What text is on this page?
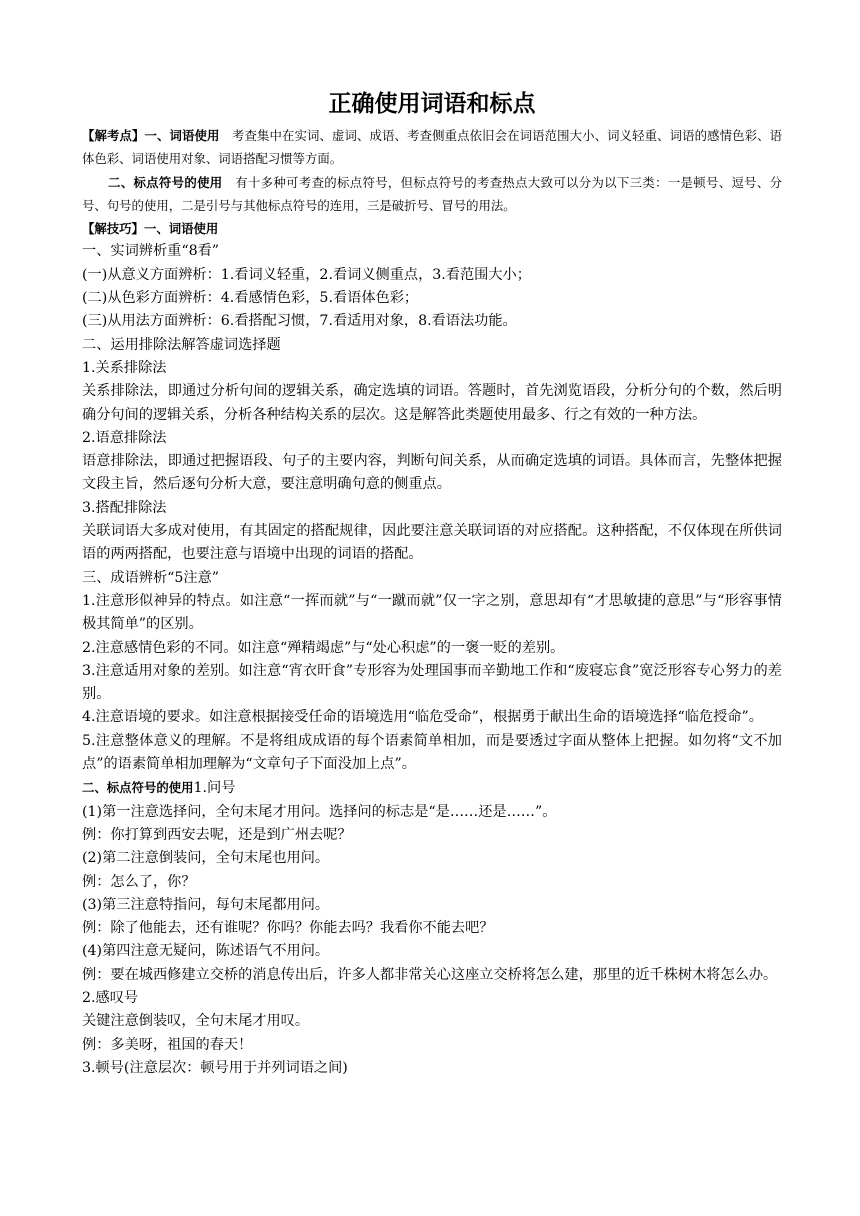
正确使用词语和标点

【解考点】一、词语使用　考查集中在实词、虚词、成语、考查侧重点依旧会在词语范围大小、词义轻重、词语的感情色彩、语体色彩、词语使用对象、词语搭配习惯等方面。

二、标点符号的使用　有十多种可考查的标点符号，但标点符号的考查热点大致可以分为以下三类：一是顿号、逗号、分号、句号的使用，二是引号与其他标点符号的连用，三是破折号、冒号的用法。

【解技巧】一、词语使用

一、实词辨析重“8看”

(一)从意义方面辨析：1.看词义轻重，2.看词义侧重点，3.看范围大小；

(二)从色彩方面辨析：4.看感情色彩，5.看语体色彩；

(三)从用法方面辨析：6.看搭配习惯，7.看适用对象，8.看语法功能。

二、运用排除法解答虚词选择题

1.关系排除法

关系排除法，即通过分析句间的逻辑关系，确定选填的词语。答题时，首先浏览语段，分析分句的个数，然后明确分句间的逻辑关系，分析各种结构关系的层次。这是解答此类题使用最多、行之有效的一种方法。

2.语意排除法

语意排除法，即通过把握语段、句子的主要内容，判断句间关系，从而确定选填的词语。具体而言，先整体把握文段主旨，然后逐句分析大意，要注意明确句意的侧重点。

3.搭配排除法

关联词语大多成对使用，有其固定的搭配规律，因此要注意关联词语的对应搭配。这种搭配，不仅体现在所供词语的两两搭配，也要注意与语境中出现的词语的搭配。

三、成语辨析“5注意”

1.注意形似神异的特点。如注意“一挥而就”与“一蹴而就”仅一字之别，意思却有“才思敏捷的意思”与“形容事情极其简单”的区别。

2.注意感情色彩的不同。如注意“殚精竭虑”与“处心积虑”的一褒一贬的差别。

3.注意适用对象的差别。如注意“宵衣旰食”专形容为处理国事而辛勤地工作和“废寝忘食”宽泛形容专心努力的差别。

4.注意语境的要求。如注意根据接受任命的语境选用“临危受命”，根据勇于献出生命的语境选择“临危授命”。

5.注意整体意义的理解。不是将组成成语的每个语素简单相加，而是要透过字面从整体上把握。如勿将“文不加点”的语素简单相加理解为“文章句子下面没加上点”。

二、标点符号的使用1.问号

(1)第一注意选择问，全句末尾才用问。选择问的标志是“是……还是……”。

例：你打算到西安去呢，还是到广州去呢？

(2)第二注意倒装问，全句末尾也用问。

例：怎么了，你？

(3)第三注意特指问，每句末尾都用问。

例：除了他能去，还有谁呢？你吗？你能去吗？我看你不能去吧？

(4)第四注意无疑问，陈述语气不用问。

例：要在城西修建立交桥的消息传出后，许多人都非常关心这座立交桥将怎么建，那里的近千株树木将怎么办。

2.感叹号

关键注意倒装叹，全句末尾才用叹。

例：多美呀，祖国的春天！

3.顿号(注意层次：顿号用于并列词语之间)
